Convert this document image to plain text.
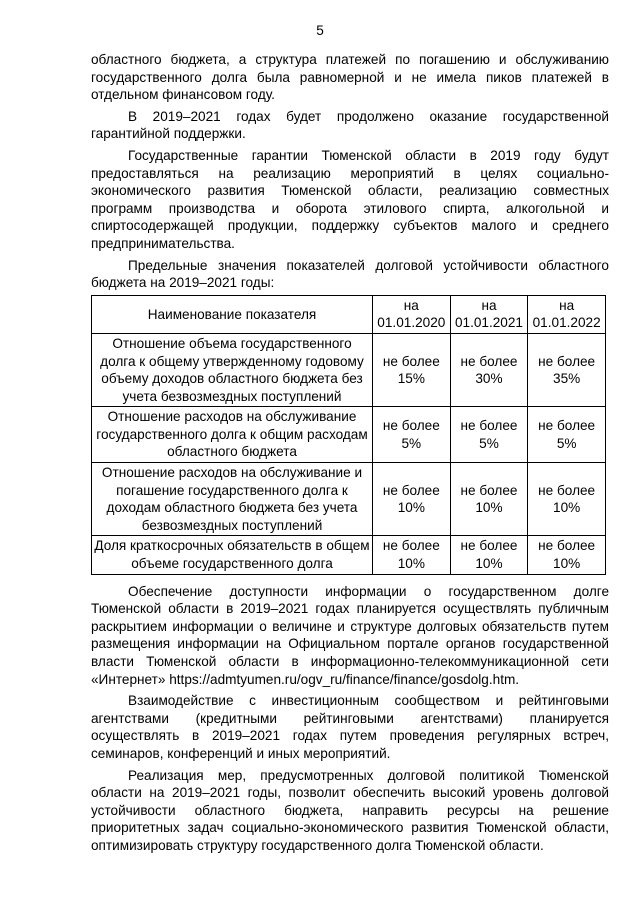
5

областного бюджета, а структура платежей по погашению и обслуживанию государственного долга была равномерной и не имела пиков платежей в отдельном финансовом году.

В 2019–2021 годах будет продолжено оказание государственной гарантийной поддержки.

Государственные гарантии Тюменской области в 2019 году будут предоставляться на реализацию мероприятий в целях социально-экономического развития Тюменской области, реализацию совместных программ производства и оборота этилового спирта, алкогольной и спиртосодержащей продукции, поддержку субъектов малого и среднего предпринимательства.

Предельные значения показателей долговой устойчивости областного бюджета на 2019–2021 годы:

Наименование показателя	на 01.01.2020	на 01.01.2021	на 01.01.2022
Отношение объема государственного долга к общему утвержденному годовому объему доходов областного бюджета без учета безвозмездных поступлений	не более 15%	не более 30%	не более 35%
Отношение расходов на обслуживание государственного долга к общим расходам областного бюджета	не более 5%	не более 5%	не более 5%
Отношение расходов на обслуживание и погашение государственного долга к доходам областного бюджета без учета безвозмездных поступлений	не более 10%	не более 10%	не более 10%
Доля краткосрочных обязательств в общем объеме государственного долга	не более 10%	не более 10%	не более 10%

Обеспечение доступности информации о государственном долге Тюменской области в 2019–2021 годах планируется осуществлять публичным раскрытием информации о величине и структуре долговых обязательств путем размещения информации на Официальном портале органов государственной власти Тюменской области в информационно-телекоммуникационной сети «Интернет» https://admtyumen.ru/ogv_ru/finance/finance/gosdolg.htm.

Взаимодействие с инвестиционным сообществом и рейтинговыми агентствами (кредитными рейтинговыми агентствами) планируется осуществлять в 2019–2021 годах путем проведения регулярных встреч, семинаров, конференций и иных мероприятий.

Реализация мер, предусмотренных долговой политикой Тюменской области на 2019–2021 годы, позволит обеспечить высокий уровень долговой устойчивости областного бюджета, направить ресурсы на решение приоритетных задач социально-экономического развития Тюменской области, оптимизировать структуру государственного долга Тюменской области.
